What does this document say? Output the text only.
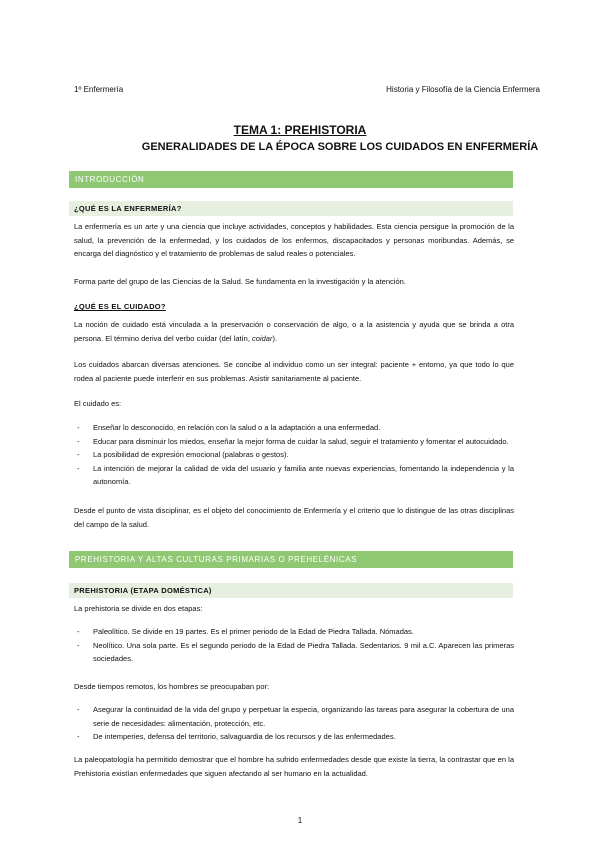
1º Enfermería	Historia y Filosofía de la Ciencia Enfermera
TEMA 1: PREHISTORIA
GENERALIDADES DE LA ÉPOCA SOBRE LOS CUIDADOS EN ENFERMERÍA
INTRODUCCIÓN
¿QUÉ ES LA ENFERMERÍA?
La enfermería es un arte y una ciencia que incluye actividades, conceptos y habilidades. Esta ciencia persigue la promoción de la salud, la prevención de la enfermedad, y los cuidados de los enfermos, discapacitados y personas moribundas. Además, se encarga del diagnóstico y el tratamiento de problemas de salud reales o potenciales.
Forma parte del grupo de las Ciencias de la Salud. Se fundamenta en la investigación y la atención.
¿QUÉ ES EL CUIDADO?
La noción de cuidado está vinculada a la preservación o conservación de algo, o a la asistencia y ayuda que se brinda a otra persona. El término deriva del verbo cuidar (del latín, coidar).
Los cuidados abarcan diversas atenciones. Se concibe al individuo como un ser integral: paciente + entorno, ya que todo lo que rodea al paciente puede interferir en sus problemas. Asistir sanitariamente al paciente.
El cuidado es:
- Enseñar lo desconocido, en relación con la salud o a la adaptación a una enfermedad.
- Educar para disminuir los miedos, enseñar la mejor forma de cuidar la salud, seguir el tratamiento y fomentar el autocuidado.
- La posibilidad de expresión emocional (palabras o gestos).
- La intención de mejorar la calidad de vida del usuario y familia ante nuevas experiencias, fomentando la independencia y la autonomía.
Desde el punto de vista disciplinar, es el objeto del conocimiento de Enfermería y el criterio que lo distingue de las otras disciplinas del campo de la salud.
PREHISTORIA Y ALTAS CULTURAS PRIMARIAS O PREHELÉNICAS
PREHISTORIA (ETAPA DOMÉSTICA)
La prehistoria se divide en dos etapas:
- Paleolítico. Se divide en 19 partes. Es el primer periodo de la Edad de Piedra Tallada. Nómadas.
- Neolítico. Una sola parte. Es el segundo periodo de la Edad de Piedra Tallada. Sedentarios. 9 mil a.C. Aparecen las primeras sociedades.
Desde tiempos remotos, los hombres se preocupaban por:
- Asegurar la continuidad de la vida del grupo y perpetuar la especia, organizando las tareas para asegurar la cobertura de una serie de necesidades: alimentación, protección, etc.
- De intemperies, defensa del territorio, salvaguardia de los recursos y de las enfermedades.
La paleopatología ha permitido demostrar que el hombre ha sufrido enfermedades desde que existe la tierra, la contrastar que en la Prehistoria existían enfermedades que siguen afectando al ser humano en la actualidad.
1
